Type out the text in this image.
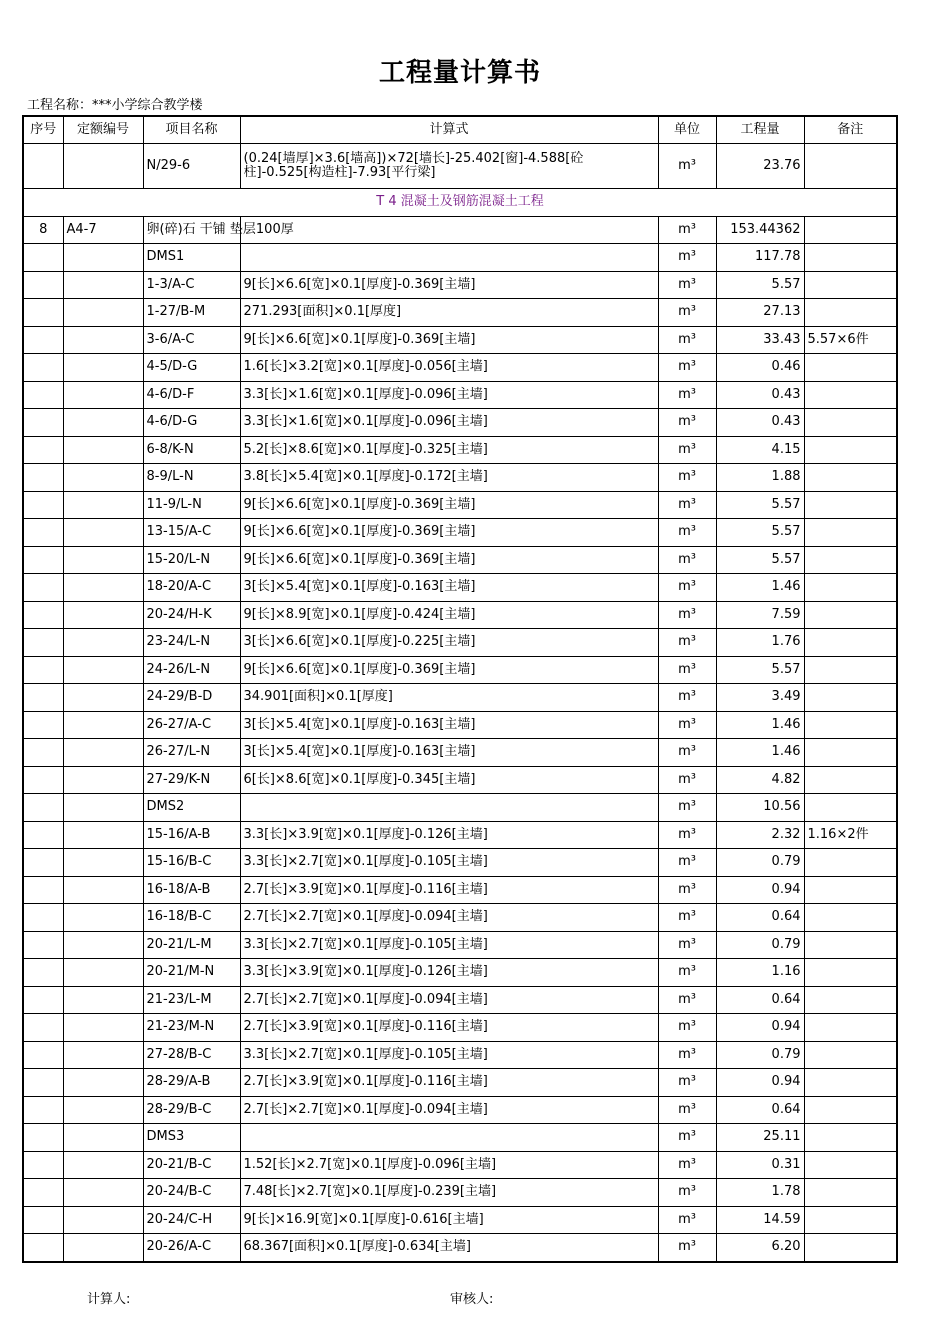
工程量计算书
工程名称：***小学综合教学楼
序号	定额编号	项目名称	计算式	单位	工程量	备注
		N/29-6	(0.24[墙厚]×3.6[墙高])×72[墙长]-25.402[窗]-4.588[砼柱]-0.525[构造柱]-7.93[平行梁]	m³	23.76	
T 4 混凝土及钢筋混凝土工程						
8	A4-7	卵(碎)石 干铺 垫层100厚		m³	153.44362	
		DMS1		m³	117.78	
		1-3/A-C	9[长]×6.6[宽]×0.1[厚度]-0.369[主墙]	m³	5.57	
		1-27/B-M	271.293[面积]×0.1[厚度]	m³	27.13	
		3-6/A-C	9[长]×6.6[宽]×0.1[厚度]-0.369[主墙]	m³	33.43	5.57×6件
		4-5/D-G	1.6[长]×3.2[宽]×0.1[厚度]-0.056[主墙]	m³	0.46	
		4-6/D-F	3.3[长]×1.6[宽]×0.1[厚度]-0.096[主墙]	m³	0.43	
		4-6/D-G	3.3[长]×1.6[宽]×0.1[厚度]-0.096[主墙]	m³	0.43	
		6-8/K-N	5.2[长]×8.6[宽]×0.1[厚度]-0.325[主墙]	m³	4.15	
		8-9/L-N	3.8[长]×5.4[宽]×0.1[厚度]-0.172[主墙]	m³	1.88	
		11-9/L-N	9[长]×6.6[宽]×0.1[厚度]-0.369[主墙]	m³	5.57	
		13-15/A-C	9[长]×6.6[宽]×0.1[厚度]-0.369[主墙]	m³	5.57	
		15-20/L-N	9[长]×6.6[宽]×0.1[厚度]-0.369[主墙]	m³	5.57	
		18-20/A-C	3[长]×5.4[宽]×0.1[厚度]-0.163[主墙]	m³	1.46	
		20-24/H-K	9[长]×8.9[宽]×0.1[厚度]-0.424[主墙]	m³	7.59	
		23-24/L-N	3[长]×6.6[宽]×0.1[厚度]-0.225[主墙]	m³	1.76	
		24-26/L-N	9[长]×6.6[宽]×0.1[厚度]-0.369[主墙]	m³	5.57	
		24-29/B-D	34.901[面积]×0.1[厚度]	m³	3.49	
		26-27/A-C	3[长]×5.4[宽]×0.1[厚度]-0.163[主墙]	m³	1.46	
		26-27/L-N	3[长]×5.4[宽]×0.1[厚度]-0.163[主墙]	m³	1.46	
		27-29/K-N	6[长]×8.6[宽]×0.1[厚度]-0.345[主墙]	m³	4.82	
		DMS2		m³	10.56	
		15-16/A-B	3.3[长]×3.9[宽]×0.1[厚度]-0.126[主墙]	m³	2.32	1.16×2件
		15-16/B-C	3.3[长]×2.7[宽]×0.1[厚度]-0.105[主墙]	m³	0.79	
		16-18/A-B	2.7[长]×3.9[宽]×0.1[厚度]-0.116[主墙]	m³	0.94	
		16-18/B-C	2.7[长]×2.7[宽]×0.1[厚度]-0.094[主墙]	m³	0.64	
		20-21/L-M	3.3[长]×2.7[宽]×0.1[厚度]-0.105[主墙]	m³	0.79	
		20-21/M-N	3.3[长]×3.9[宽]×0.1[厚度]-0.126[主墙]	m³	1.16	
		21-23/L-M	2.7[长]×2.7[宽]×0.1[厚度]-0.094[主墙]	m³	0.64	
		21-23/M-N	2.7[长]×3.9[宽]×0.1[厚度]-0.116[主墙]	m³	0.94	
		27-28/B-C	3.3[长]×2.7[宽]×0.1[厚度]-0.105[主墙]	m³	0.79	
		28-29/A-B	2.7[长]×3.9[宽]×0.1[厚度]-0.116[主墙]	m³	0.94	
		28-29/B-C	2.7[长]×2.7[宽]×0.1[厚度]-0.094[主墙]	m³	0.64	
		DMS3		m³	25.11	
		20-21/B-C	1.52[长]×2.7[宽]×0.1[厚度]-0.096[主墙]	m³	0.31	
		20-24/B-C	7.48[长]×2.7[宽]×0.1[厚度]-0.239[主墙]	m³	1.78	
		20-24/C-H	9[长]×16.9[宽]×0.1[厚度]-0.616[主墙]	m³	14.59	
		20-26/A-C	68.367[面积]×0.1[厚度]-0.634[主墙]	m³	6.20	
计算人:	审核人:
